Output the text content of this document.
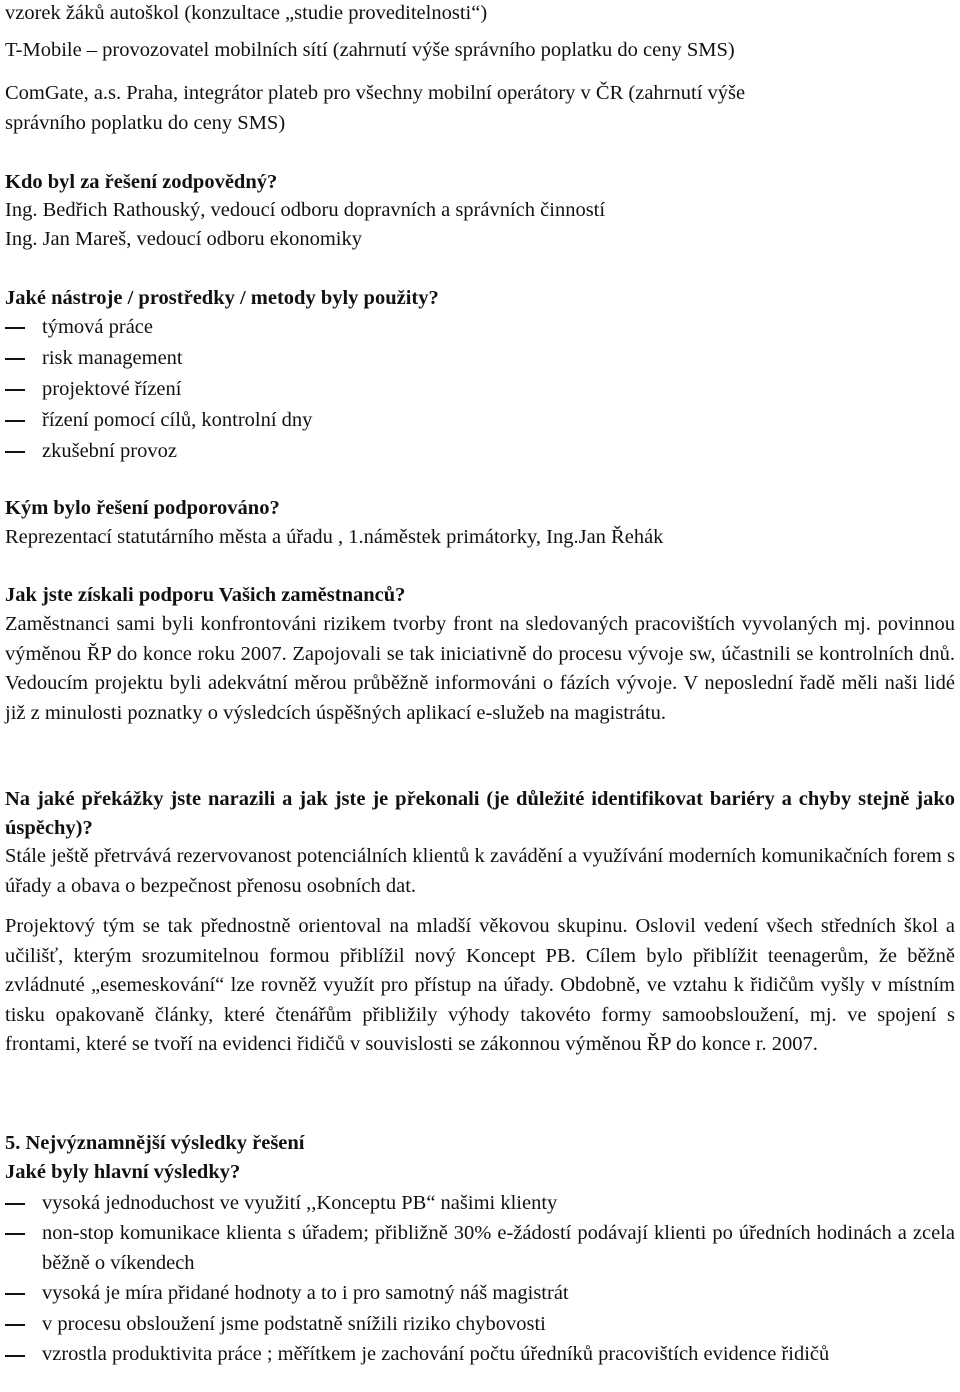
vzorek žáků autoškol (konzultace „studie proveditelnosti“)
T-Mobile – provozovatel mobilních sítí (zahrnutí výše správního poplatku do ceny SMS)
ComGate, a.s. Praha, integrátor plateb pro všechny mobilní operátory v ČR (zahrnutí výše
správního poplatku do ceny SMS)
Kdo byl za řešení zodpovědný?
Ing. Bedřich Rathouský, vedoucí odboru dopravních a správních činností
Ing. Jan Mareš, vedoucí odboru ekonomiky
Jaké nástroje / prostředky / metody byly použity?
týmová práce
risk management
projektové řízení
řízení pomocí cílů, kontrolní dny
zkušební provoz
Kým bylo řešení podporováno?
Reprezentací statutárního města a úřadu , 1.náměstek primátorky, Ing.Jan Řehák
Jak jste získali podporu Vašich zaměstnanců?
Zaměstnanci sami byli konfrontováni rizikem tvorby front na sledovaných pracovištích vyvolaných mj. povinnou výměnou ŘP do konce roku 2007. Zapojovali se tak iniciativně do procesu vývoje sw, účastnili se kontrolních dnů. Vedoucím projektu byli adekvátní měrou průběžně informováni o fázích vývoje. V neposlední řadě měli naši lidé již z minulosti poznatky o výsledcích úspěšných aplikací e-služeb na magistrátu.
Na jaké překážky jste narazili a jak jste je překonali (je důležité identifikovat bariéry a chyby stejně jako úspěchy)?
Stále ještě přetrvává rezervovanost potenciálních klientů k zavádění a využívání moderních komunikačních forem s úřady a obava o bezpečnost přenosu osobních dat.
Projektový tým se tak přednostně orientoval na mladší věkovou skupinu. Oslovil vedení všech středních škol a učilišť, kterým srozumitelnou formou přiblížil nový Koncept PB. Cílem bylo přiblížit teenagerům, že běžně zvládnuté „esemeskování“ lze rovněž využít pro přístup na úřady. Obdobně, ve vztahu k řidičům vyšly v místním tisku opakovaně články, které čtenářům přibližily výhody takovéto formy samoobsloužení, mj. ve spojení s frontami, které se tvoří na evidenci řidičů v souvislosti se zákonnou výměnou ŘP do konce r. 2007.
5. Nejvýznamnější výsledky řešení
Jaké byly hlavní výsledky?
vysoká jednoduchost ve využití ,,Konceptu PB“ našimi klienty
non-stop komunikace klienta s úřadem; přibližně 30% e-žádostí podávají klienti po úředních hodinách a zcela běžně o víkendech
vysoká je míra přidané hodnoty a to i pro samotný náš magistrát
v procesu obsloužení jsme podstatně snížili riziko chybovosti
vzrostla produktivita práce ; měřítkem je zachování počtu úředníků pracovištích evidence řidičů
